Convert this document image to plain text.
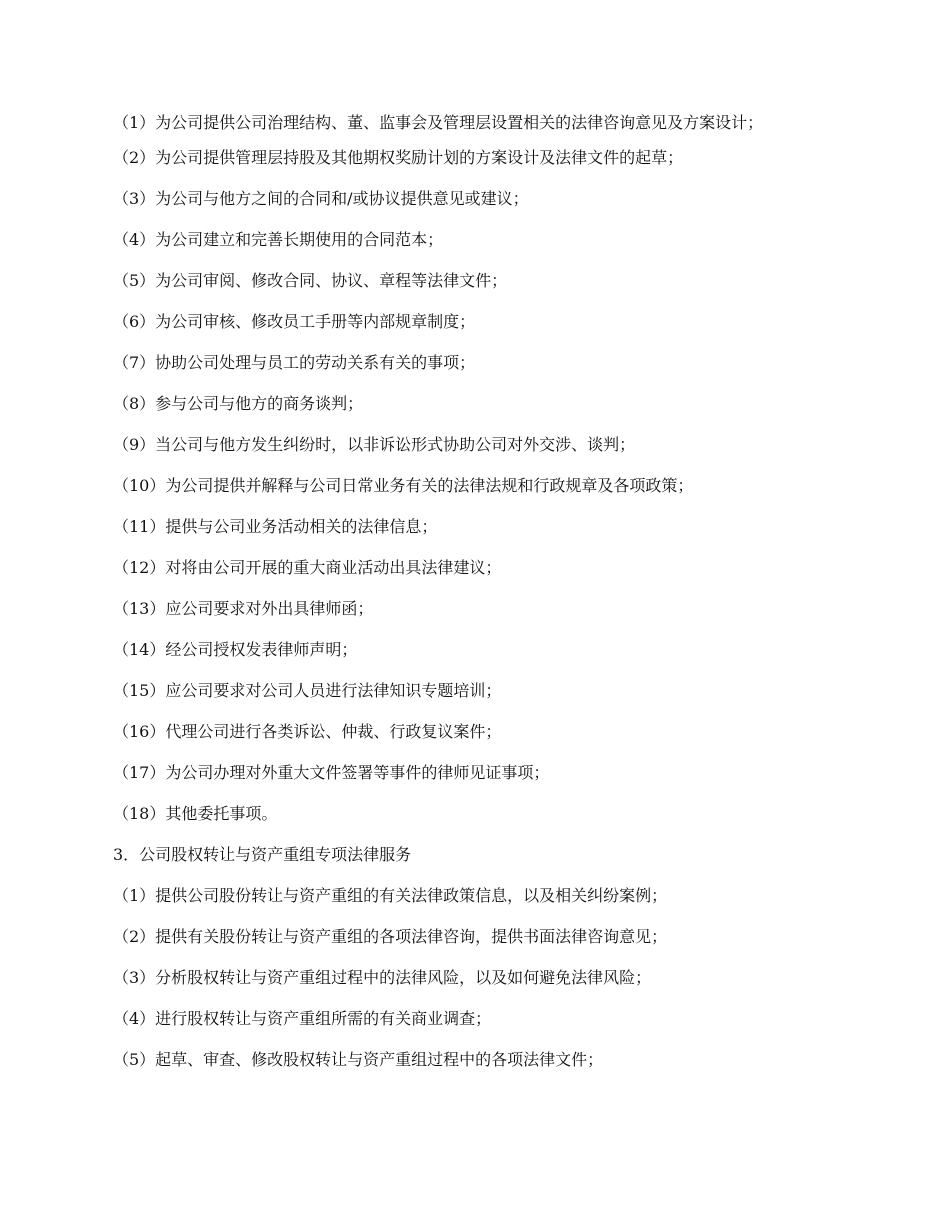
（1）为公司提供公司治理结构、董、监事会及管理层设置相关的法律咨询意见及方案设计；

（2）为公司提供管理层持股及其他期权奖励计划的方案设计及法律文件的起草；

（3）为公司与他方之间的合同和/或协议提供意见或建议；

（4）为公司建立和完善长期使用的合同范本；

（5）为公司审阅、修改合同、协议、章程等法律文件；

（6）为公司审核、修改员工手册等内部规章制度；

（7）协助公司处理与员工的劳动关系有关的事项；

（8）参与公司与他方的商务谈判；

（9）当公司与他方发生纠纷时，以非诉讼形式协助公司对外交涉、谈判；

（10）为公司提供并解释与公司日常业务有关的法律法规和行政规章及各项政策；

（11）提供与公司业务活动相关的法律信息；

（12）对将由公司开展的重大商业活动出具法律建议；

（13）应公司要求对外出具律师函；

（14）经公司授权发表律师声明；

（15）应公司要求对公司人员进行法律知识专题培训；

（16）代理公司进行各类诉讼、仲裁、行政复议案件；

（17）为公司办理对外重大文件签署等事件的律师见证事项；

（18）其他委托事项。

3．公司股权转让与资产重组专项法律服务

（1）提供公司股份转让与资产重组的有关法律政策信息，以及相关纠纷案例；

（2）提供有关股份转让与资产重组的各项法律咨询，提供书面法律咨询意见；

（3）分析股权转让与资产重组过程中的法律风险，以及如何避免法律风险；

（4）进行股权转让与资产重组所需的有关商业调查；

（5）起草、审查、修改股权转让与资产重组过程中的各项法律文件；
